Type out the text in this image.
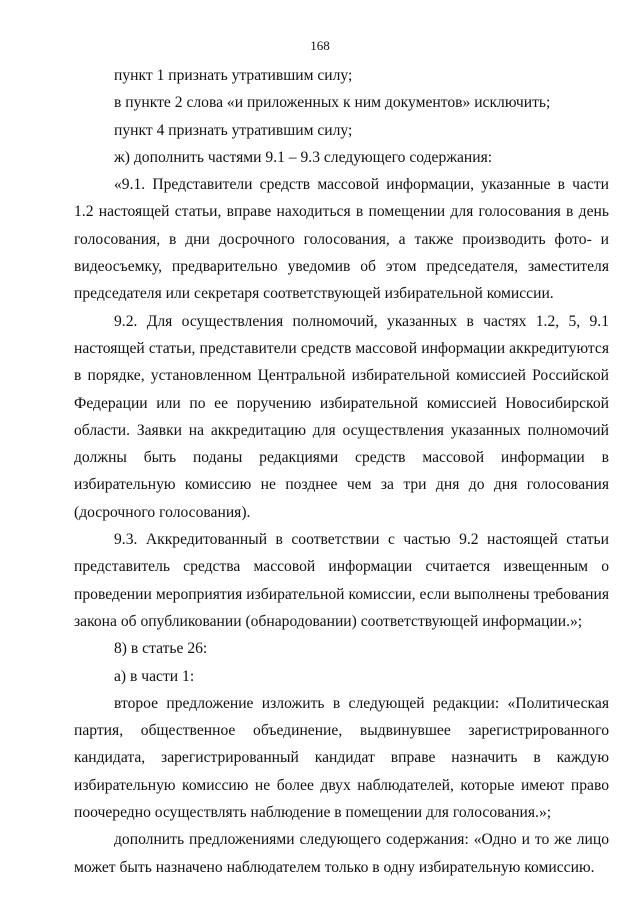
168

пункт 1 признать утратившим силу;

в пункте 2 слова «и приложенных к ним документов» исключить;

пункт 4 признать утратившим силу;

ж) дополнить частями 9.1 – 9.3 следующего содержания:

«9.1. Представители средств массовой информации, указанные в части 1.2 настоящей статьи, вправе находиться в помещении для голосования в день голосования, в дни досрочного голосования, а также производить фото- и видеосъемку, предварительно уведомив об этом председателя, заместителя председателя или секретаря соответствующей избирательной комиссии.

9.2. Для осуществления полномочий, указанных в частях 1.2, 5, 9.1 настоящей статьи, представители средств массовой информации аккредитуются в порядке, установленном Центральной избирательной комиссией Российской Федерации или по ее поручению избирательной комиссией Новосибирской области. Заявки на аккредитацию для осуществления указанных полномочий должны быть поданы редакциями средств массовой информации в избирательную комиссию не позднее чем за три дня до дня голосования (досрочного голосования).

9.3. Аккредитованный в соответствии с частью 9.2 настоящей статьи представитель средства массовой информации считается извещенным о проведении мероприятия избирательной комиссии, если выполнены требования закона об опубликовании (обнародовании) соответствующей информации.»;

8) в статье 26:

а) в части 1:

второе предложение изложить в следующей редакции: «Политическая партия, общественное объединение, выдвинувшее зарегистрированного кандидата, зарегистрированный кандидат вправе назначить в каждую избирательную комиссию не более двух наблюдателей, которые имеют право поочередно осуществлять наблюдение в помещении для голосования.»;

дополнить предложениями следующего содержания: «Одно и то же лицо может быть назначено наблюдателем только в одну избирательную комиссию.
